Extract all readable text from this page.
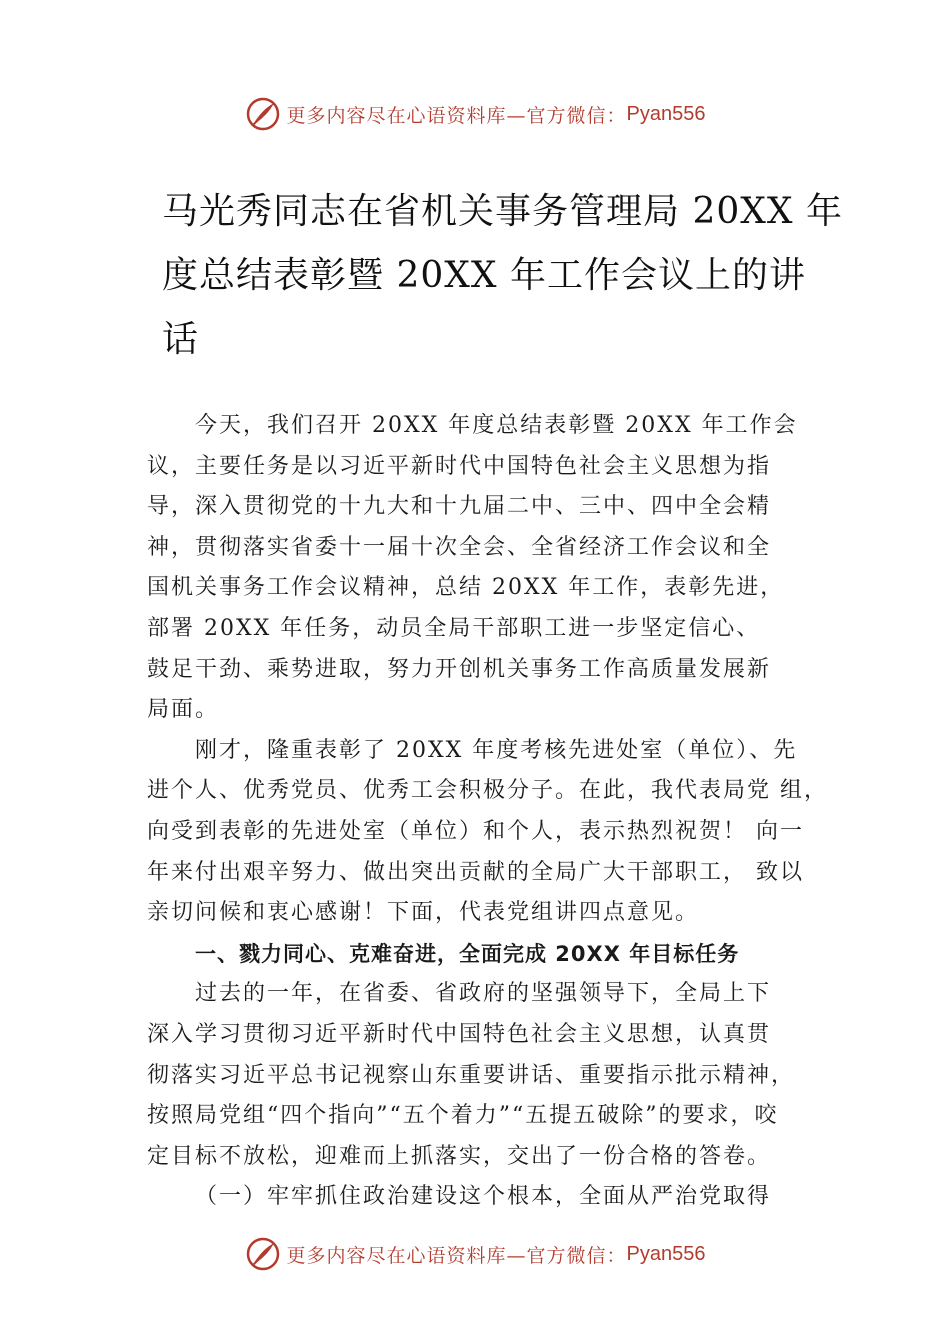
更多内容尽在心语资料库—官方微信： Pyan556
马光秀同志在省机关事务管理局 20XX 年
度总结表彰暨 20XX 年工作会议上的讲
话
今天，我们召开 20XX 年度总结表彰暨 20XX 年工作会
议，主要任务是以习近平新时代中国特色社会主义思想为指
导，深入贯彻党的十九大和十九届二中、三中、四中全会精
神，贯彻落实省委十一届十次全会、全省经济工作会议和全
国机关事务工作会议精神，总结 20XX 年工作，表彰先进，
部署 20XX 年任务，动员全局干部职工进一步坚定信心、
鼓足干劲、乘势进取，努力开创机关事务工作高质量发展新
局面。
刚才，隆重表彰了 20XX 年度考核先进处室（单位）、先
进个人、优秀党员、优秀工会积极分子。在此，我代表局党 组，
向受到表彰的先进处室（单位）和个人，表示热烈祝贺！ 向一
年来付出艰辛努力、做出突出贡献的全局广大干部职工， 致以
亲切问候和衷心感谢！下面，代表党组讲四点意见。
一、戮力同心、克难奋进，全面完成 20XX 年目标任务
过去的一年，在省委、省政府的坚强领导下，全局上下
深入学习贯彻习近平新时代中国特色社会主义思想，认真贯
彻落实习近平总书记视察山东重要讲话、重要指示批示精神，
按照局党组“四个指向”“五个着力”“五提五破除”的要求，咬
定目标不放松，迎难而上抓落实，交出了一份合格的答卷。
（一）牢牢抓住政治建设这个根本，全面从严治党取得
更多内容尽在心语资料库—官方微信： Pyan556
